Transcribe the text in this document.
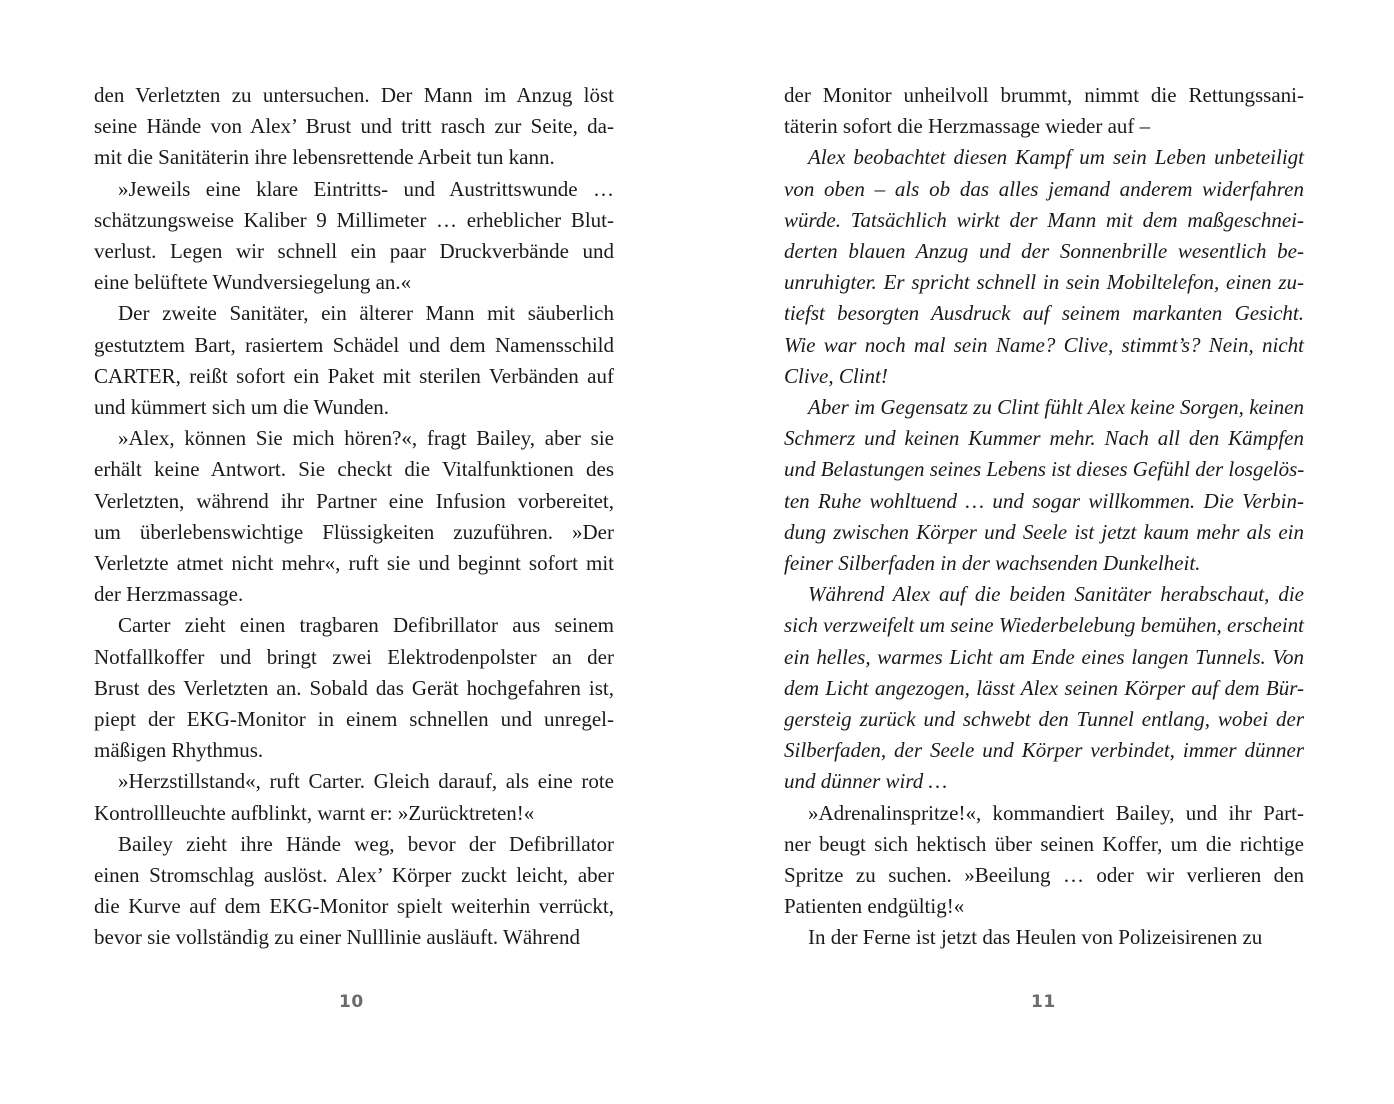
den Verletzten zu untersuchen. Der Mann im Anzug löst
seine Hände von Alex’ Brust und tritt rasch zur Seite, da-
mit die Sanitäterin ihre lebensrettende Arbeit tun kann.

»Jeweils eine klare Eintritts- und Austrittswunde …
schätzungsweise Kaliber 9 Millimeter … erheblicher Blut-
verlust. Legen wir schnell ein paar Druckverbände und
eine belüftete Wundversiegelung an.«

Der zweite Sanitäter, ein älterer Mann mit säuberlich
gestutztem Bart, rasiertem Schädel und dem Namensschild
CARTER, reißt sofort ein Paket mit sterilen Verbänden auf
und kümmert sich um die Wunden.

»Alex, können Sie mich hören?«, fragt Bailey, aber sie
erhält keine Antwort. Sie checkt die Vitalfunktionen des
Verletzten, während ihr Partner eine Infusion vorbereitet,
um überlebenswichtige Flüssigkeiten zuzuführen. »Der
Verletzte atmet nicht mehr«, ruft sie und beginnt sofort mit
der Herzmassage.

Carter zieht einen tragbaren Defibrillator aus seinem
Notfallkoffer und bringt zwei Elektrodenpolster an der
Brust des Verletzten an. Sobald das Gerät hochgefahren ist,
piept der EKG-Monitor in einem schnellen und unregel-
mäßigen Rhythmus.

»Herzstillstand«, ruft Carter. Gleich darauf, als eine rote
Kontrollleuchte aufblinkt, warnt er: »Zurücktreten!«

Bailey zieht ihre Hände weg, bevor der Defibrillator
einen Stromschlag auslöst. Alex’ Körper zuckt leicht, aber
die Kurve auf dem EKG-Monitor spielt weiterhin verrückt,
bevor sie vollständig zu einer Nulllinie ausläuft. Während

10

der Monitor unheilvoll brummt, nimmt die Rettungssani-
täterin sofort die Herzmassage wieder auf –

Alex beobachtet diesen Kampf um sein Leben unbeteiligt
von oben – als ob das alles jemand anderem widerfahren
würde. Tatsächlich wirkt der Mann mit dem maßgeschnei-
derten blauen Anzug und der Sonnenbrille wesentlich be-
unruhigter. Er spricht schnell in sein Mobiltelefon, einen zu-
tiefst besorgten Ausdruck auf seinem markanten Gesicht.
Wie war noch mal sein Name? Clive, stimmt’s? Nein, nicht
Clive, Clint!

Aber im Gegensatz zu Clint fühlt Alex keine Sorgen, keinen
Schmerz und keinen Kummer mehr. Nach all den Kämpfen
und Belastungen seines Lebens ist dieses Gefühl der losgelös-
ten Ruhe wohltuend … und sogar willkommen. Die Verbin-
dung zwischen Körper und Seele ist jetzt kaum mehr als ein
feiner Silberfaden in der wachsenden Dunkelheit.

Während Alex auf die beiden Sanitäter herabschaut, die
sich verzweifelt um seine Wiederbelebung bemühen, erscheint
ein helles, warmes Licht am Ende eines langen Tunnels. Von
dem Licht angezogen, lässt Alex seinen Körper auf dem Bür-
gersteig zurück und schwebt den Tunnel entlang, wobei der
Silberfaden, der Seele und Körper verbindet, immer dünner
und dünner wird …

»Adrenalinspritze!«, kommandiert Bailey, und ihr Part-
ner beugt sich hektisch über seinen Koffer, um die richtige
Spritze zu suchen. »Beeilung … oder wir verlieren den
Patienten endgültig!«

In der Ferne ist jetzt das Heulen von Polizeisirenen zu

11
